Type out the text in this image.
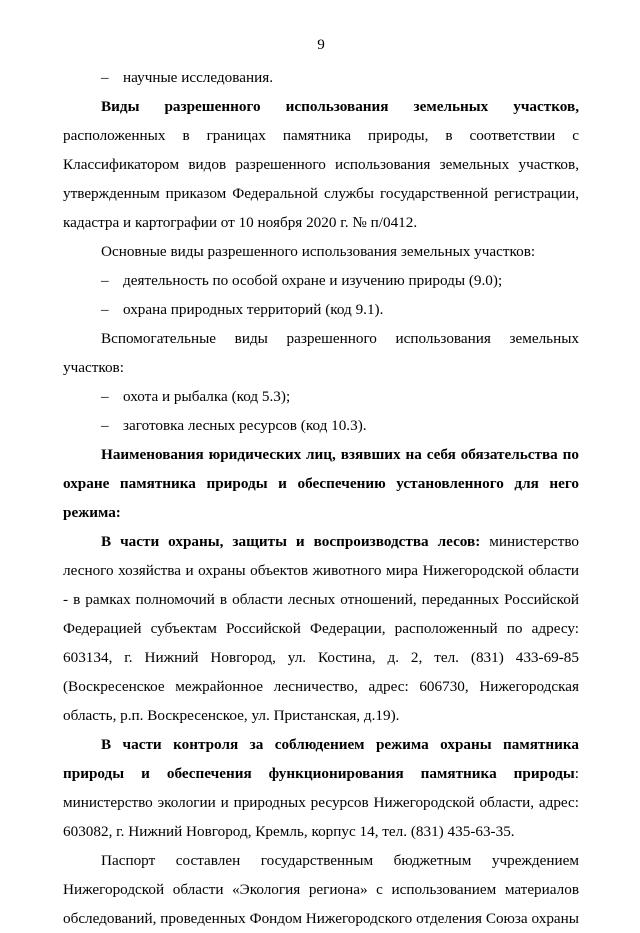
9

– научные исследования.

Виды разрешенного использования земельных участков,

расположенных в границах памятника природы, в соответствии с Классификатором видов разрешенного использования земельных участков, утвержденным приказом Федеральной службы государственной регистрации, кадастра и картографии от 10 ноября 2020 г. № п/0412.

Основные виды разрешенного использования земельных участков:

– деятельность по особой охране и изучению природы (9.0);

– охрана природных территорий (код 9.1).

Вспомогательные виды разрешенного использования земельных участков:

– охота и рыбалка (код 5.3);

– заготовка лесных ресурсов (код 10.3).

Наименования юридических лиц, взявших на себя обязательства по охране памятника природы и обеспечению установленного для него режима:

В части охраны, защиты и воспроизводства лесов: министерство лесного хозяйства и охраны объектов животного мира Нижегородской области - в рамках полномочий в области лесных отношений, переданных Российской Федерацией субъектам Российской Федерации, расположенный по адресу: 603134, г. Нижний Новгород, ул. Костина, д. 2, тел. (831) 433-69-85 (Воскресенское межрайонное лесничество, адрес: 606730, Нижегородская область, р.п. Воскресенское, ул. Пристанская, д.19).

В части контроля за соблюдением режима охраны памятника природы и обеспечения функционирования памятника природы: министерство экологии и природных ресурсов Нижегородской области, адрес: 603082, г. Нижний Новгород, Кремль, корпус 14, тел. (831) 435-63-35.

Паспорт составлен государственным бюджетным учреждением Нижегородской области «Экология региона» с использованием материалов обследований, проведенных Фондом Нижегородского отделения Союза охраны
